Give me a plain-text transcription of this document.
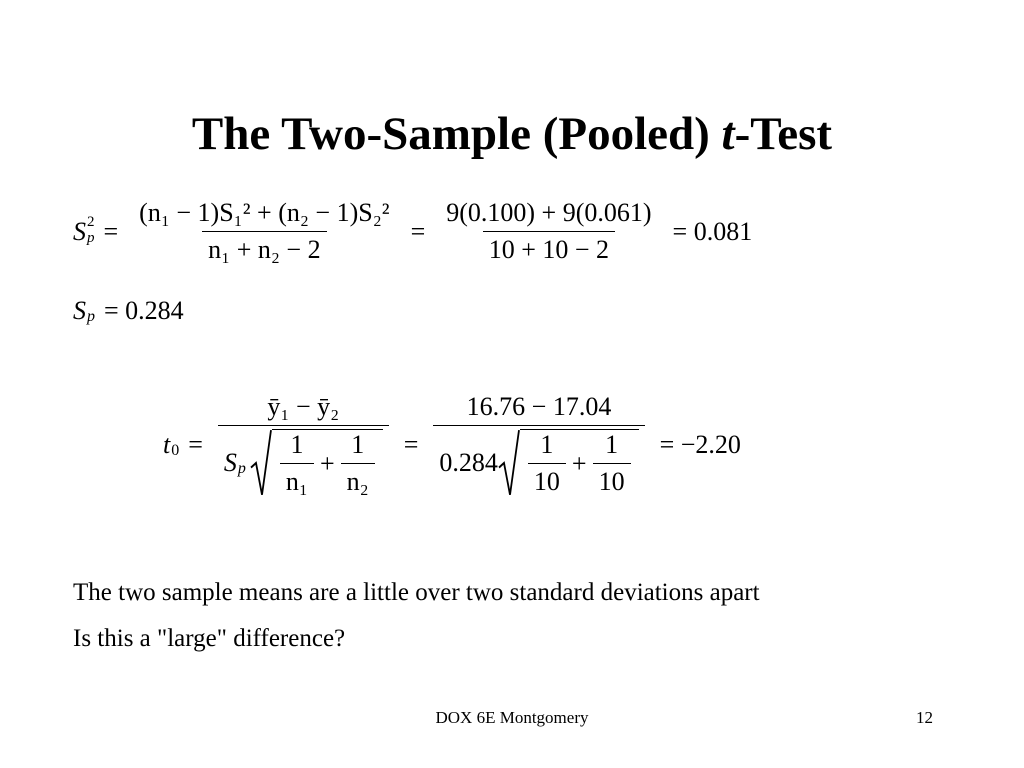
The Two-Sample (Pooled) t-Test
S 2
$p = \frac{\text{(n₁ − 1)S₁² + (n₂ − 1)S₂²}}{\text{n₁ + n₂ − 2}} = \frac{9(0.100) + 9(0.061)}{10 + 10 - 2} = 0.081$
S p = 0.284
t 0 =
ȳ₁ − ȳ₂
S p $\frac{1}{\text{n₁}} + \frac{1}{\text{n₂}}$ =
16.76 − 17.04
$0.284 \frac{1}{10} + \frac{1}{10} = -2.20$
The two sample means are a little over two standard deviations apart
Is this a "large" difference?
DOX 6E Montgomery	12
